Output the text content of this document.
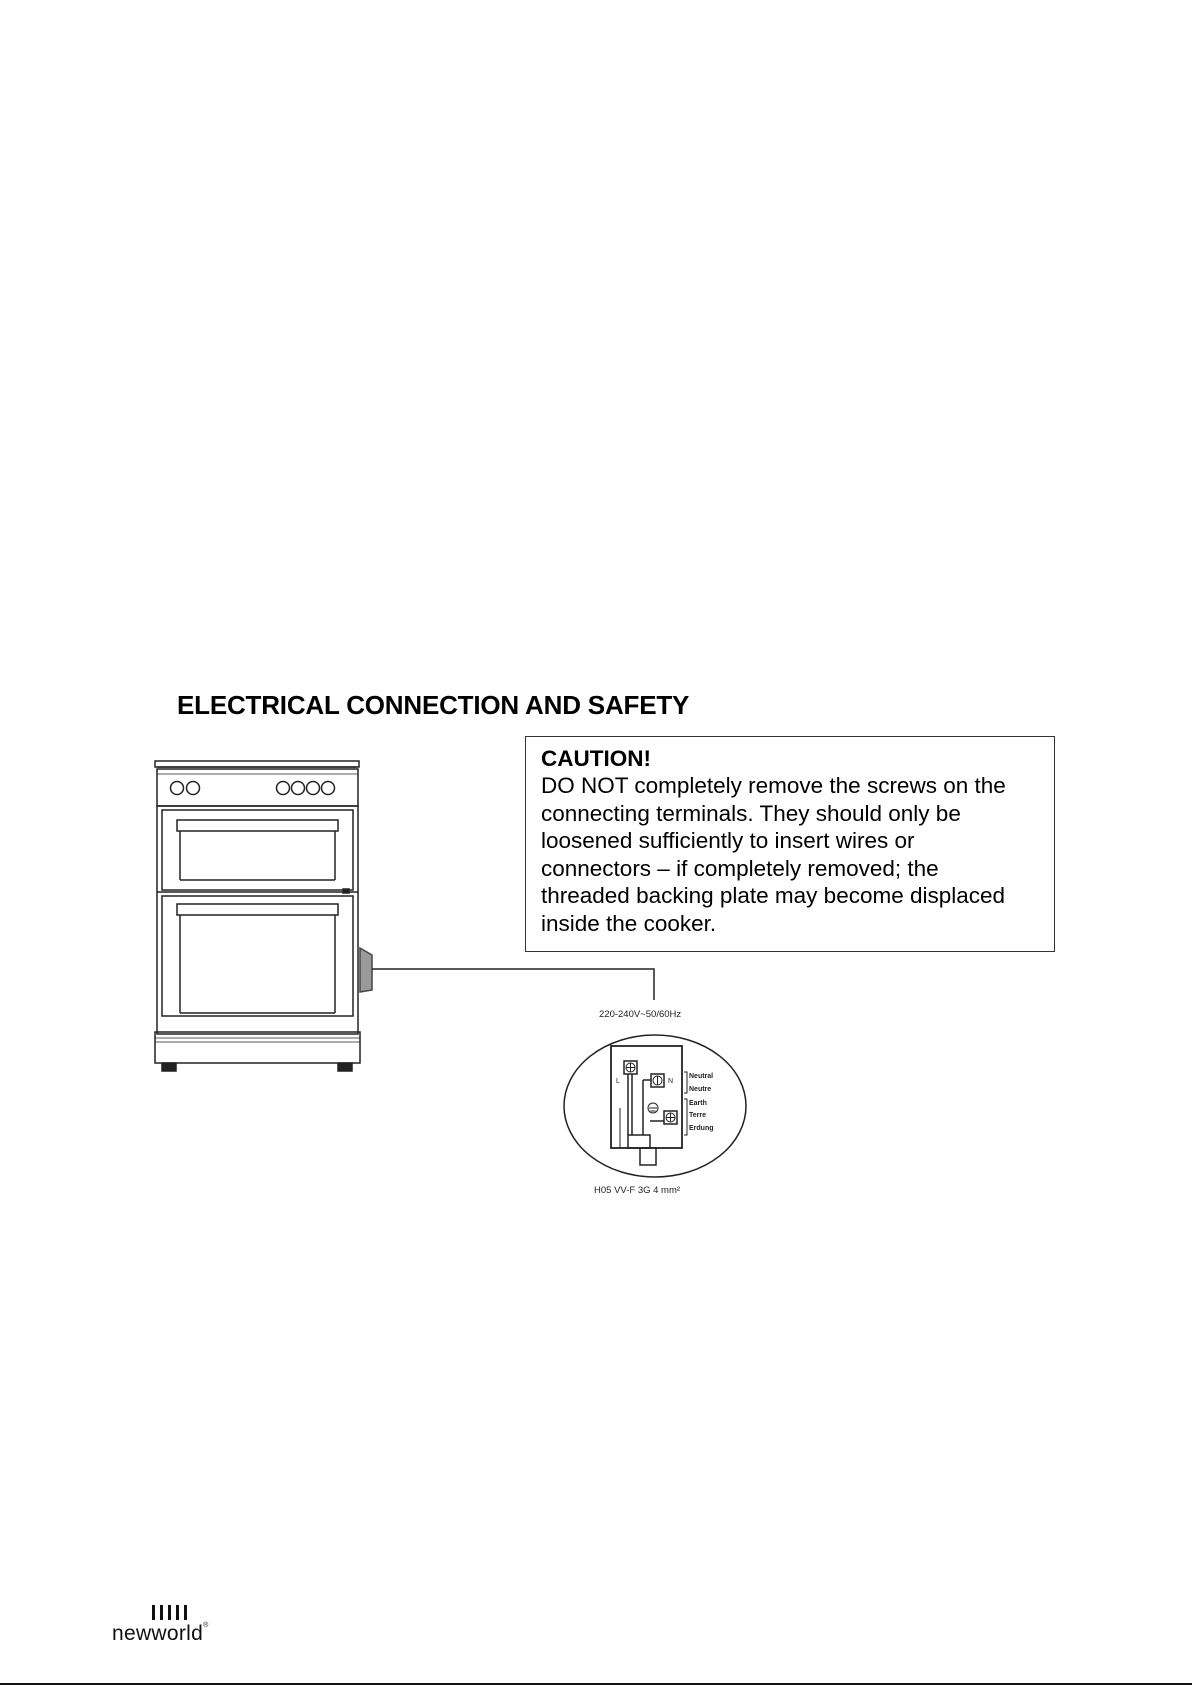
ELECTRICAL CONNECTION AND SAFETY
CAUTION!
DO NOT completely remove the screws on the
connecting terminals. They should only be
loosened sufficiently to insert wires or
connectors – if completely removed; the
threaded backing plate may become displaced
inside the cooker.
220-240V~50/60Hz
L	N
Neutral
Neutre
Earth
Terre
Erdung
H05 VV-F 3G 4 mm²
newworld®
